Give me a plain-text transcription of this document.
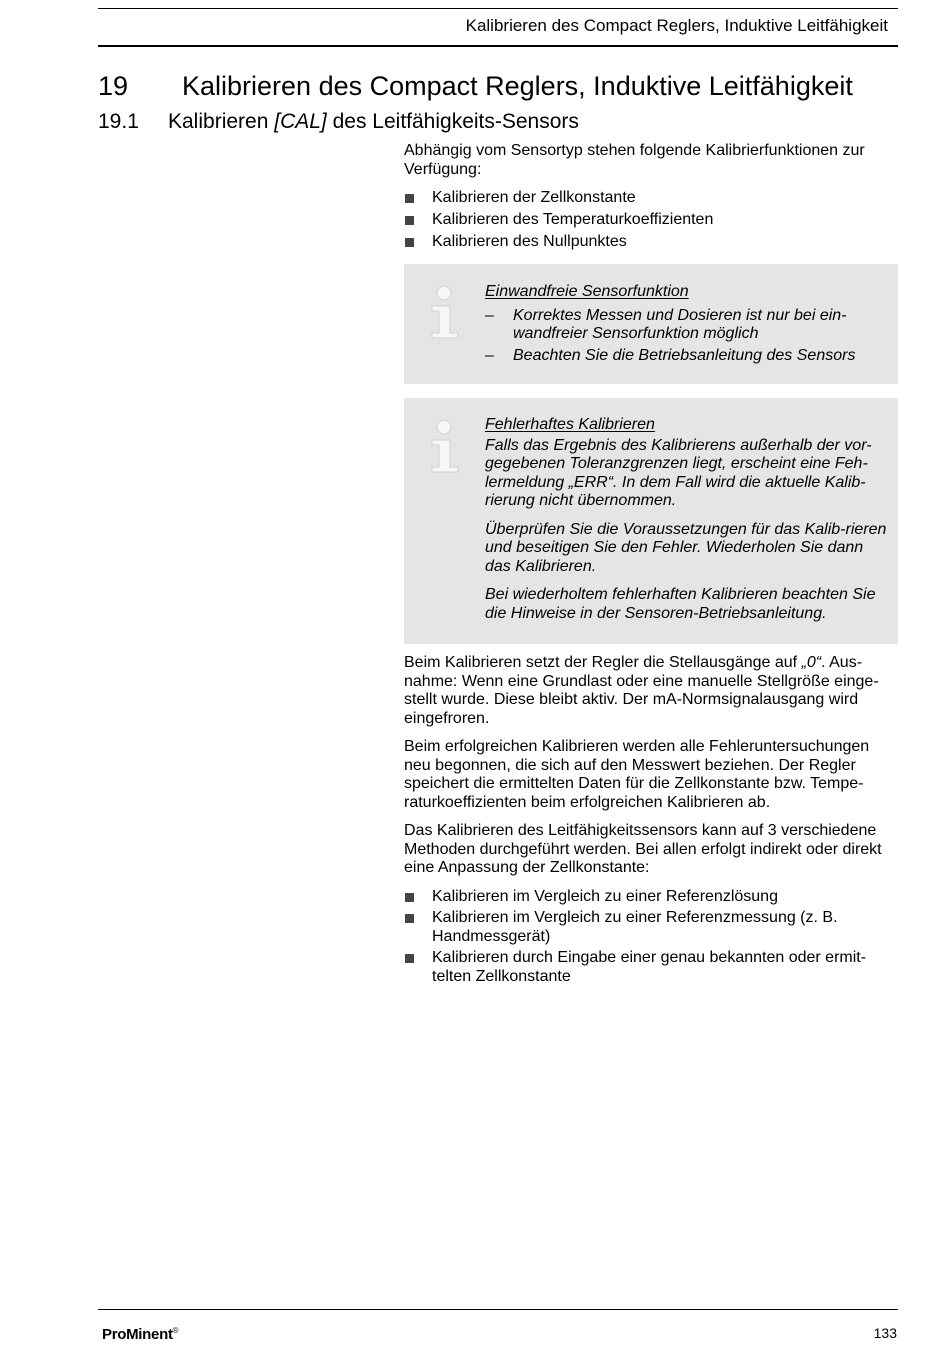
Kalibrieren des Compact Reglers, Induktive Leitfähigkeit
19 Kalibrieren des Compact Reglers, Induktive Leitfähigkeit
19.1 Kalibrieren [CAL] des Leitfähigkeits-Sensors

Abhängig vom Sensortyp stehen folgende Kalibrierfunktionen zur Verfügung:

Kalibrieren der Zellkonstante
Kalibrieren des Temperaturkoeffizienten
Kalibrieren des Nullpunktes

Einwandfreie Sensorfunktion

– Korrektes Messen und Dosieren ist nur bei ein-wandfreier Sensorfunktion möglich
– Beachten Sie die Betriebsanleitung des Sensors

Fehlerhaftes Kalibrieren

Falls das Ergebnis des Kalibrierens außerhalb der vor-gegebenen Toleranzgrenzen liegt, erscheint eine Feh-lermeldung „ERR“. In dem Fall wird die aktuelle Kalib-rierung nicht übernommen.

Überprüfen Sie die Voraussetzungen für das Kalib-rieren und beseitigen Sie den Fehler. Wiederholen Sie dann das Kalibrieren.

Bei wiederholtem fehlerhaften Kalibrieren beachten Sie die Hinweise in der Sensoren-Betriebsanleitung.

Beim Kalibrieren setzt der Regler die Stellausgänge auf „0“. Aus-nahme: Wenn eine Grundlast oder eine manuelle Stellgröße einge-stellt wurde. Diese bleibt aktiv. Der mA-Normsignalausgang wird eingefroren.

Beim erfolgreichen Kalibrieren werden alle Fehleruntersuchungen neu begonnen, die sich auf den Messwert beziehen. Der Regler speichert die ermittelten Daten für die Zellkonstante bzw. Tempe-raturkoeffizienten beim erfolgreichen Kalibrieren ab.

Das Kalibrieren des Leitfähigkeitssensors kann auf 3 verschiedene Methoden durchgeführt werden. Bei allen erfolgt indirekt oder direkt eine Anpassung der Zellkonstante:

Kalibrieren im Vergleich zu einer Referenzlösung
Kalibrieren im Vergleich zu einer Referenzmessung (z. B. Handmessgerät)
Kalibrieren durch Eingabe einer genau bekannten oder ermit-telten Zellkonstante
ProMinent®	133
